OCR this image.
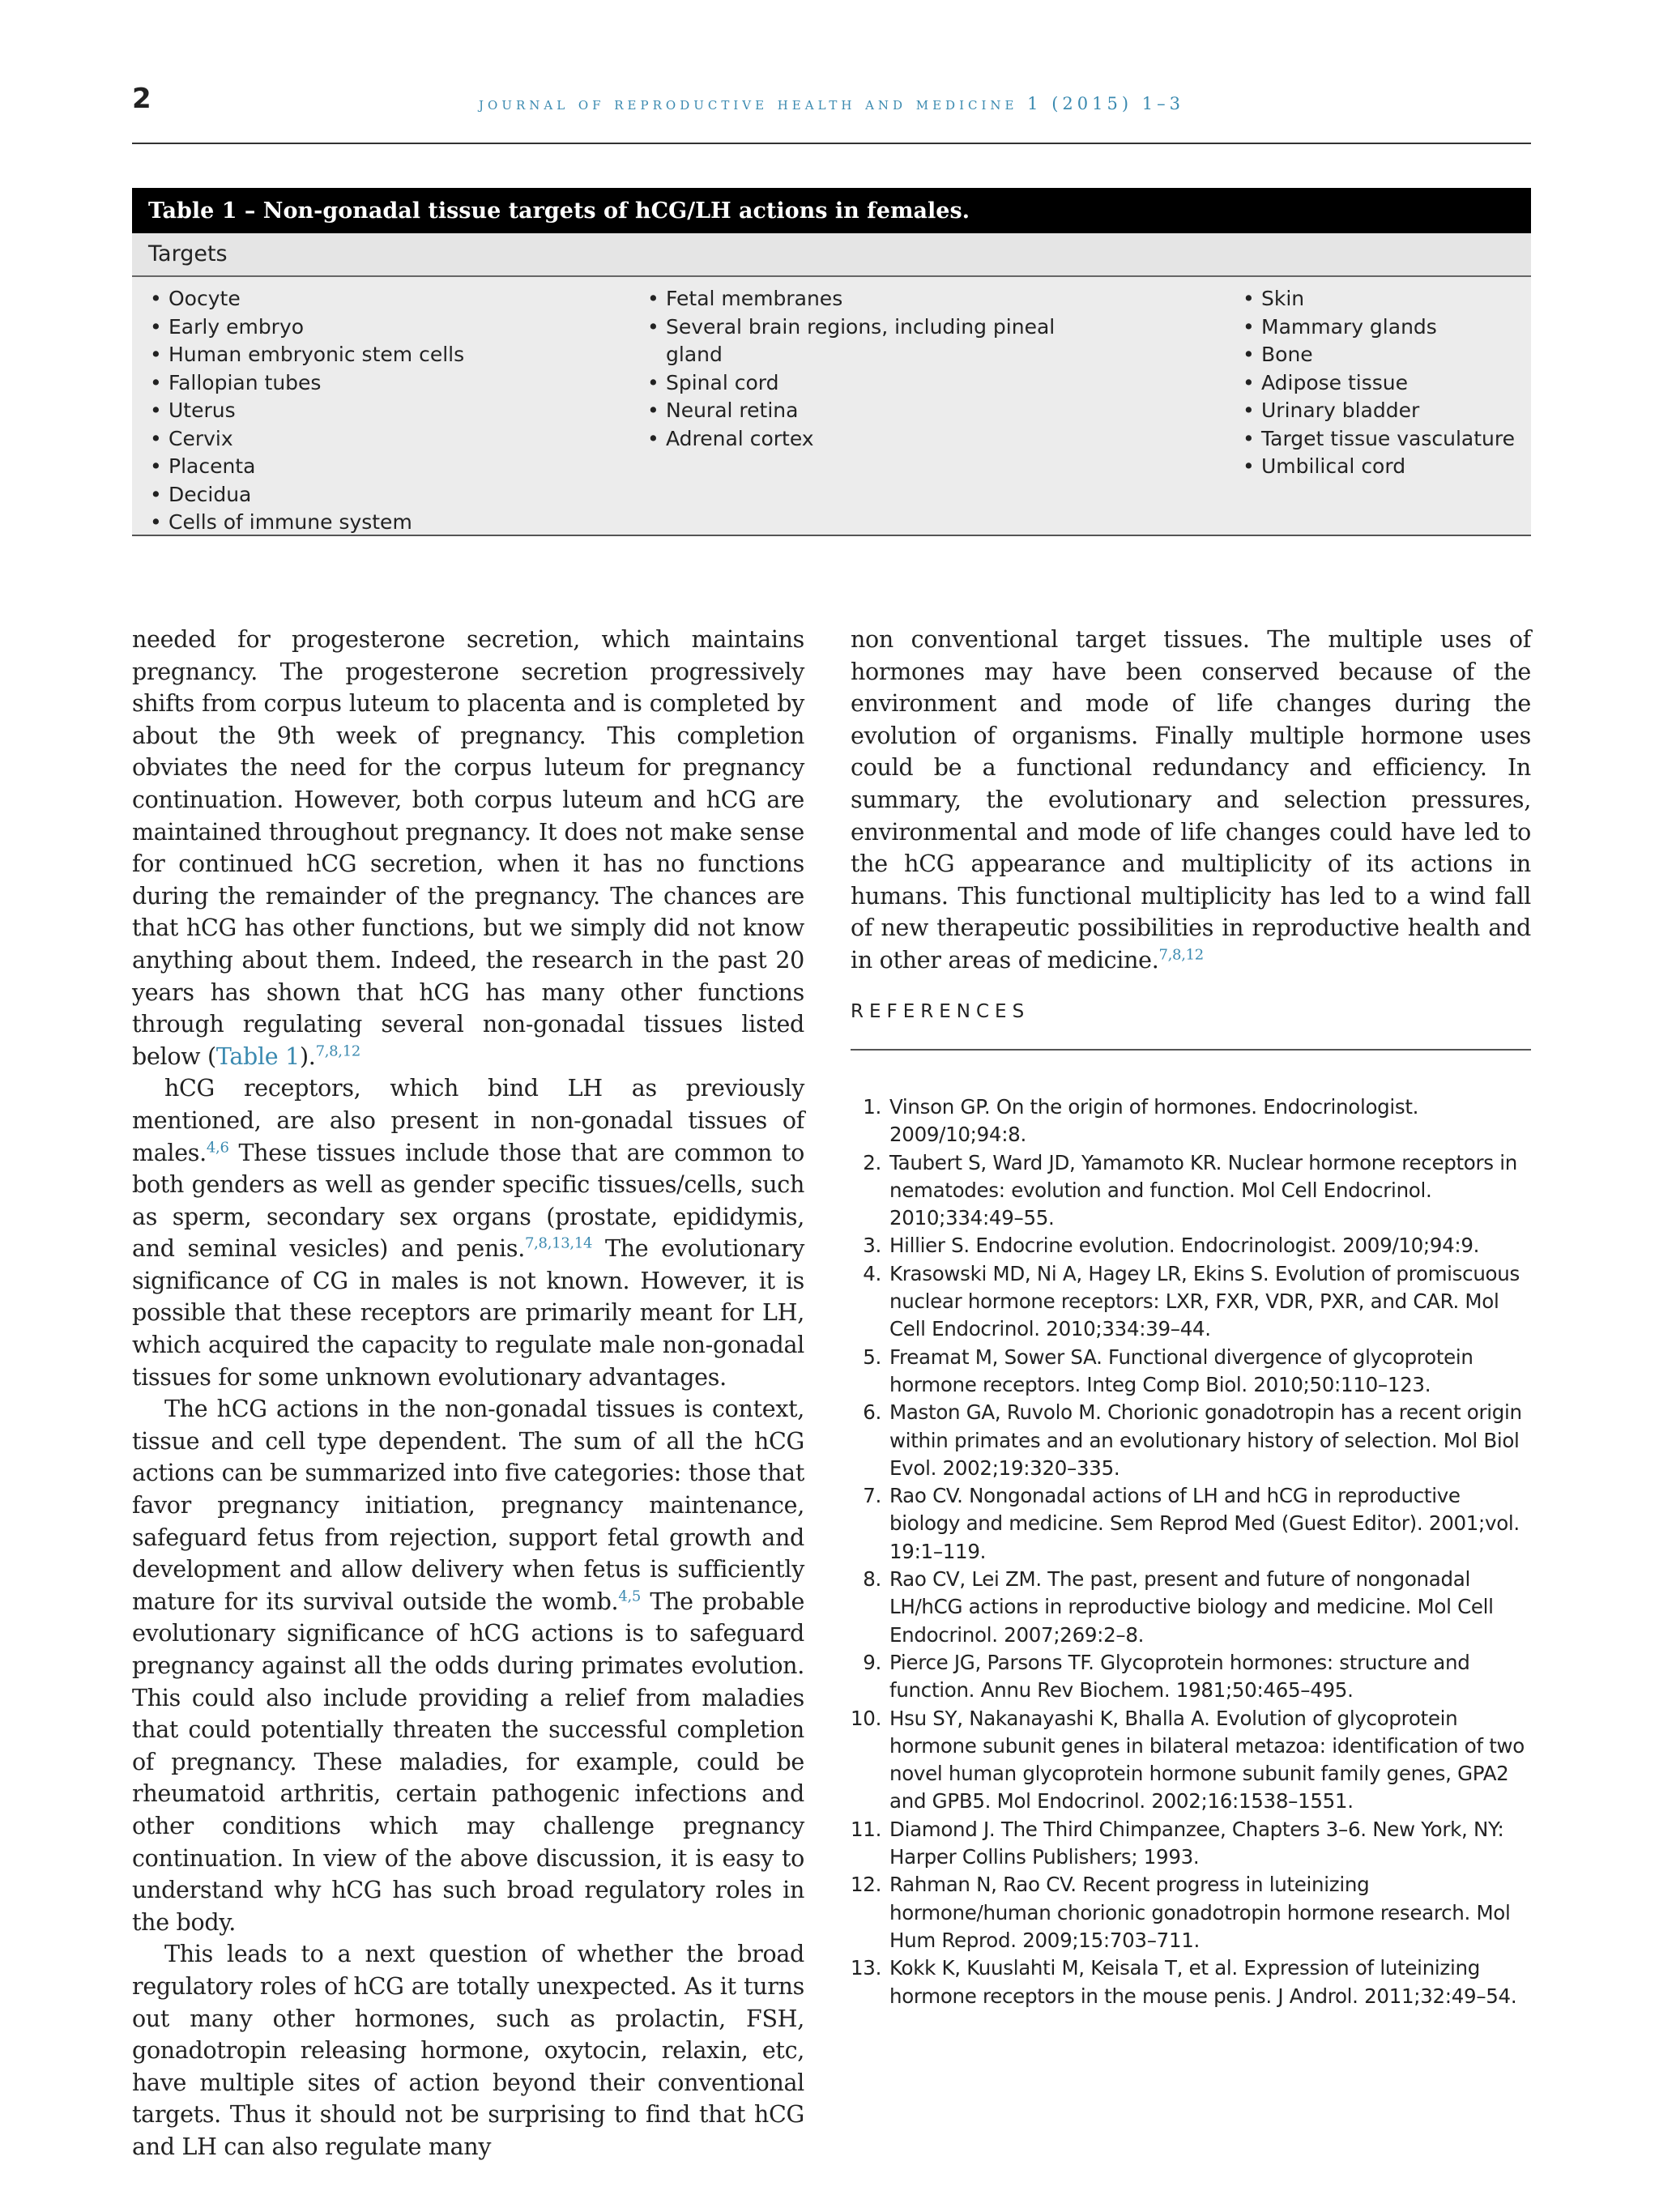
2	journal of reproductive health and medicine 1 (2015) 1–3
Table 1 – Non-gonadal tissue targets of hCG/LH actions in females.
Targets
• Oocyte
• Early embryo
• Human embryonic stem cells
• Fallopian tubes
• Uterus
• Cervix
• Placenta
• Decidua
• Cells of immune system
• Fetal membranes
• Several brain regions, including pineal gland
• Spinal cord
• Neural retina
• Adrenal cortex
• Skin
• Mammary glands
• Bone
• Adipose tissue
• Urinary bladder
• Target tissue vasculature
• Umbilical cord

needed for progesterone secretion, which maintains pregnancy. The progesterone secretion progressively shifts from corpus luteum to placenta and is completed by about the 9th week of pregnancy. This completion obviates the need for the corpus luteum for pregnancy continuation. However, both corpus luteum and hCG are maintained throughout pregnancy. It does not make sense for continued hCG secretion, when it has no functions during the remainder of the pregnancy. The chances are that hCG has other functions, but we simply did not know anything about them. Indeed, the research in the past 20 years has shown that hCG has many other functions through regulating several non-gonadal tissues listed below (Table 1).$^{7,8,12}$

hCG receptors, which bind LH as previously mentioned, are also present in non-gonadal tissues of males.$^{4,6}$ These tissues include those that are common to both genders as well as gender specific tissues/cells, such as sperm, secondary sex organs (prostate, epididymis, and seminal vesicles) and penis.$^{7,8,13,14}$ The evolutionary significance of CG in males is not known. However, it is possible that these receptors are primarily meant for LH, which acquired the capacity to regulate male non-gonadal tissues for some unknown evolutionary advantages.

The hCG actions in the non-gonadal tissues is context, tissue and cell type dependent. The sum of all the hCG actions can be summarized into five categories: those that favor pregnancy initiation, pregnancy maintenance, safeguard fetus from rejection, support fetal growth and development and allow delivery when fetus is sufficiently mature for its survival outside the womb.$^{4,5}$ The probable evolutionary significance of hCG actions is to safeguard pregnancy against all the odds during primates evolution. This could also include providing a relief from maladies that could potentially threaten the successful completion of pregnancy. These maladies, for example, could be rheumatoid arthritis, certain pathogenic infections and other conditions which may challenge pregnancy continuation. In view of the above discussion, it is easy to understand why hCG has such broad regulatory roles in the body.

This leads to a next question of whether the broad regulatory roles of hCG are totally unexpected. As it turns out many other hormones, such as prolactin, FSH, gonadotropin releasing hormone, oxytocin, relaxin, etc, have multiple sites of action beyond their conventional targets. Thus it should not be surprising to find that hCG and LH can also regulate many

non conventional target tissues. The multiple uses of hormones may have been conserved because of the environment and mode of life changes during the evolution of organisms. Finally multiple hormone uses could be a functional redundancy and efficiency. In summary, the evolutionary and selection pressures, environmental and mode of life changes could have led to the hCG appearance and multiplicity of its actions in humans. This functional multiplicity has led to a wind fall of new therapeutic possibilities in reproductive health and in other areas of medicine.$^{7,8,12}$

REFERENCES
1. Vinson GP. On the origin of hormones. Endocrinologist. 2009/10;94:8.
2. Taubert S, Ward JD, Yamamoto KR. Nuclear hormone receptors in nematodes: evolution and function. Mol Cell Endocrinol. 2010;334:49–55.
3. Hillier S. Endocrine evolution. Endocrinologist. 2009/10;94:9.
4. Krasowski MD, Ni A, Hagey LR, Ekins S. Evolution of promiscuous nuclear hormone receptors: LXR, FXR, VDR, PXR, and CAR. Mol Cell Endocrinol. 2010;334:39–44.
5. Freamat M, Sower SA. Functional divergence of glycoprotein hormone receptors. Integ Comp Biol. 2010;50:110–123.
6. Maston GA, Ruvolo M. Chorionic gonadotropin has a recent origin within primates and an evolutionary history of selection. Mol Biol Evol. 2002;19:320–335.
7. Rao CV. Nongonadal actions of LH and hCG in reproductive biology and medicine. Sem Reprod Med (Guest Editor). 2001;vol. 19:1–119.
8. Rao CV, Lei ZM. The past, present and future of nongonadal LH/hCG actions in reproductive biology and medicine. Mol Cell Endocrinol. 2007;269:2–8.
9. Pierce JG, Parsons TF. Glycoprotein hormones: structure and function. Annu Rev Biochem. 1981;50:465–495.
10. Hsu SY, Nakanayashi K, Bhalla A. Evolution of glycoprotein hormone subunit genes in bilateral metazoa: identification of two novel human glycoprotein hormone subunit family genes, GPA2 and GPB5. Mol Endocrinol. 2002;16:1538–1551.
11. Diamond J. The Third Chimpanzee, Chapters 3–6. New York, NY: Harper Collins Publishers; 1993.
12. Rahman N, Rao CV. Recent progress in luteinizing hormone/human chorionic gonadotropin hormone research. Mol Hum Reprod. 2009;15:703–711.
13. Kokk K, Kuuslahti M, Keisala T, et al. Expression of luteinizing hormone receptors in the mouse penis. J Androl. 2011;32:49–54.
